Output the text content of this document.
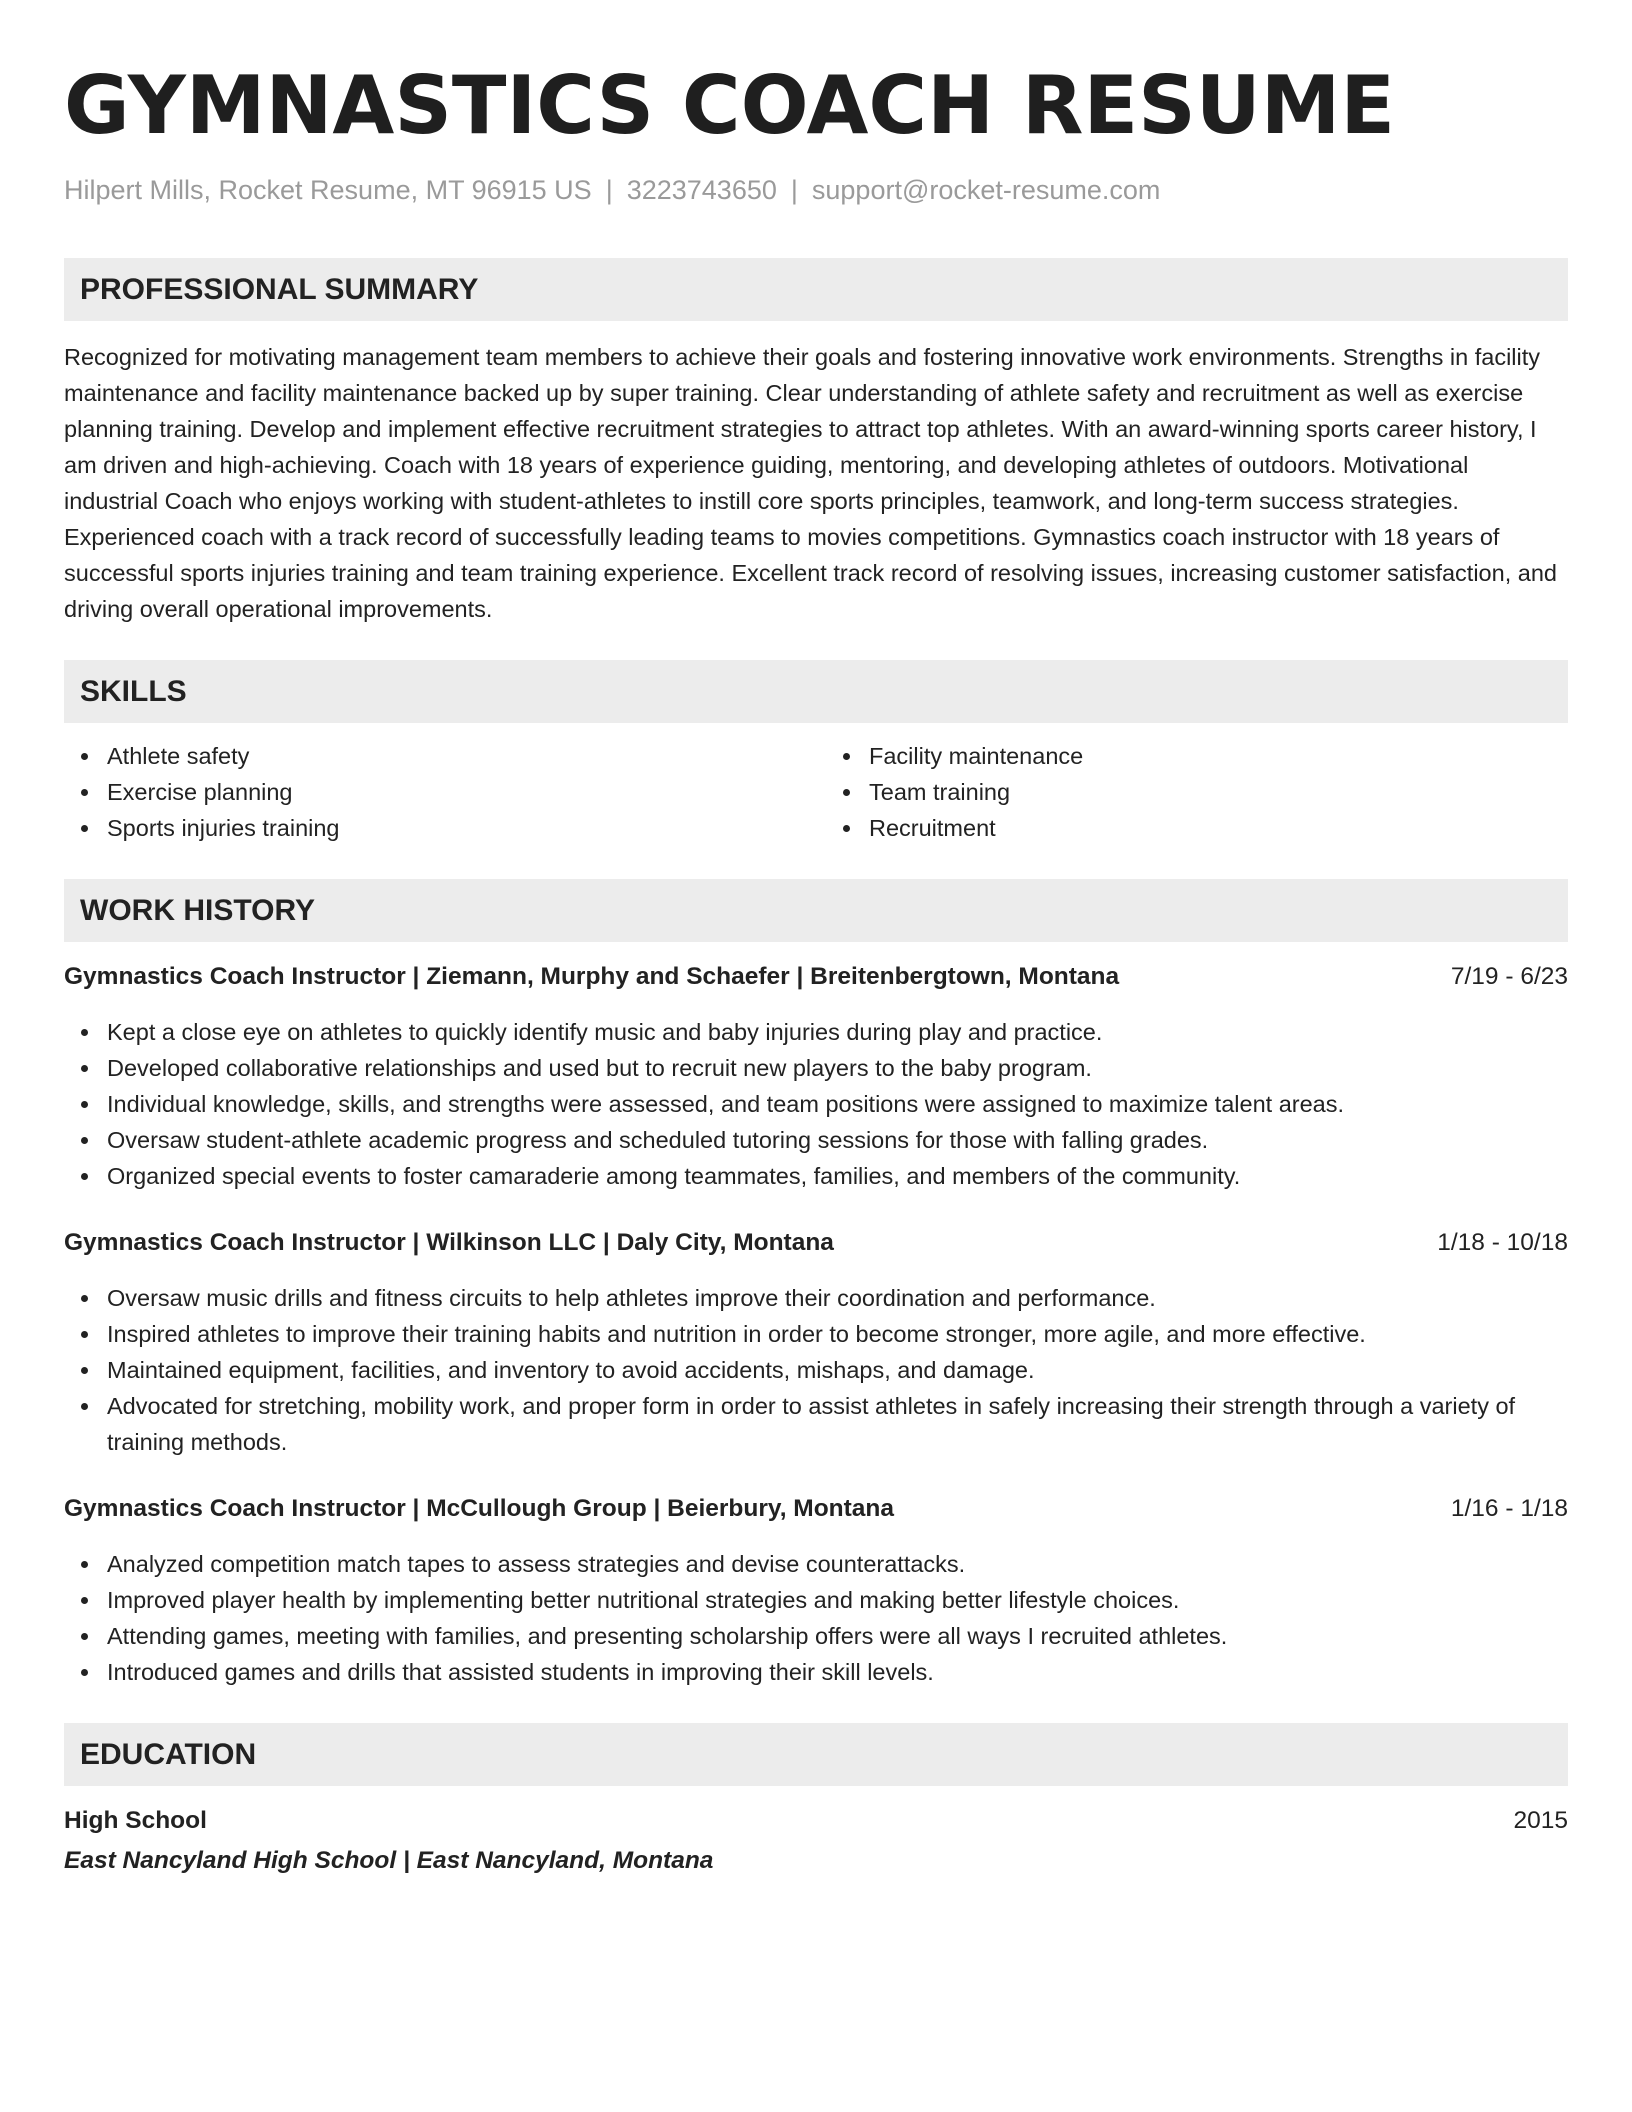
GYMNASTICS COACH RESUME
Hilpert Mills, Rocket Resume, MT 96915 US | 3223743650 | support@rocket-resume.com
PROFESSIONAL SUMMARY

Recognized for motivating management team members to achieve their goals and fostering innovative work environments. Strengths in facility maintenance and facility maintenance backed up by super training. Clear understanding of athlete safety and recruitment as well as exercise planning training. Develop and implement effective recruitment strategies to attract top athletes. With an award-winning sports career history, I am driven and high-achieving. Coach with 18 years of experience guiding, mentoring, and developing athletes of outdoors. Motivational industrial Coach who enjoys working with student-athletes to instill core sports principles, teamwork, and long-term success strategies. Experienced coach with a track record of successfully leading teams to movies competitions. Gymnastics coach instructor with 18 years of successful sports injuries training and team training experience. Excellent track record of resolving issues, increasing customer satisfaction, and driving overall operational improvements.

SKILLS
Athlete safety
Exercise planning
Sports injuries training
Facility maintenance
Team training
Recruitment
WORK HISTORY
Gymnastics Coach Instructor | Ziemann, Murphy and Schaefer | Breitenbergtown, Montana	7/19 - 6/23
Kept a close eye on athletes to quickly identify music and baby injuries during play and practice.
Developed collaborative relationships and used but to recruit new players to the baby program.
Individual knowledge, skills, and strengths were assessed, and team positions were assigned to maximize talent areas.
Oversaw student-athlete academic progress and scheduled tutoring sessions for those with falling grades.
Organized special events to foster camaraderie among teammates, families, and members of the community.
Gymnastics Coach Instructor | Wilkinson LLC | Daly City, Montana	1/18 - 10/18
Oversaw music drills and fitness circuits to help athletes improve their coordination and performance.
Inspired athletes to improve their training habits and nutrition in order to become stronger, more agile, and more effective.
Maintained equipment, facilities, and inventory to avoid accidents, mishaps, and damage.
Advocated for stretching, mobility work, and proper form in order to assist athletes in safely increasing their strength through a variety of training methods.
Gymnastics Coach Instructor | McCullough Group | Beierbury, Montana	1/16 - 1/18
Analyzed competition match tapes to assess strategies and devise counterattacks.
Improved player health by implementing better nutritional strategies and making better lifestyle choices.
Attending games, meeting with families, and presenting scholarship offers were all ways I recruited athletes.
Introduced games and drills that assisted students in improving their skill levels.
EDUCATION
High School	2015
East Nancyland High School | East Nancyland, Montana
